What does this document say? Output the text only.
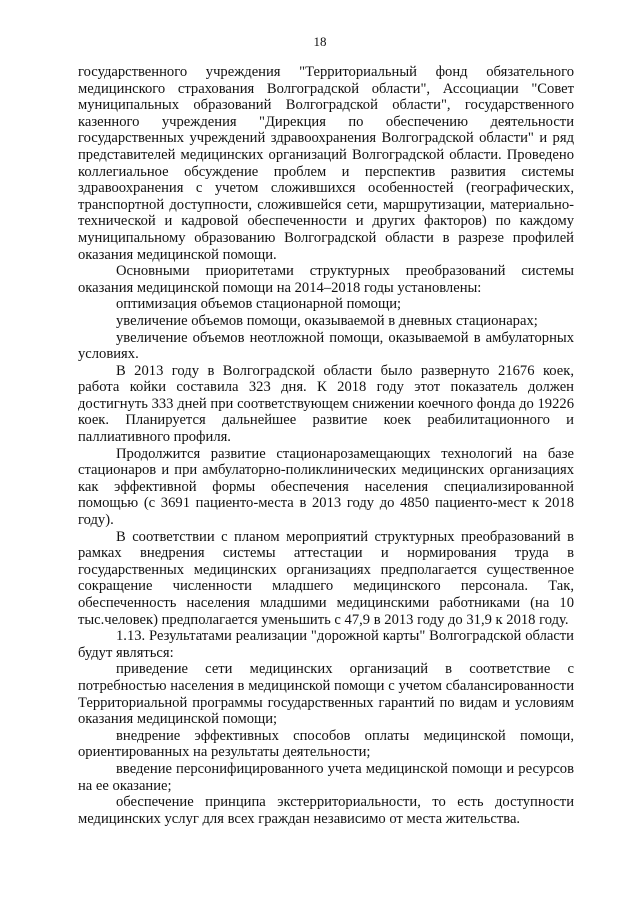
18

государственного учреждения "Территориальный фонд обязательного медицинского страхования Волгоградской области", Ассоциации "Совет муниципальных образований Волгоградской области", государственного казенного учреждения "Дирекция по обеспечению деятельности государственных учреждений здравоохранения Волгоградской области" и ряд представителей медицинских организаций Волгоградской области. Проведено коллегиальное обсуждение проблем и перспектив развития системы здравоохранения с учетом сложившихся особенностей (географических, транспортной доступности, сложившейся сети, маршрутизации, материально-технической и кадровой обеспеченности и других факторов) по каждому муниципальному образованию Волгоградской области в разрезе профилей оказания медицинской помощи.

Основными приоритетами структурных преобразований системы оказания медицинской помощи на 2014–2018 годы установлены:

оптимизация объемов стационарной помощи;

увеличение объемов помощи, оказываемой в дневных стационарах;

увеличение объемов неотложной помощи, оказываемой в амбулаторных условиях.

В 2013 году в Волгоградской области было развернуто 21676 коек, работа койки составила 323 дня. К 2018 году этот показатель должен достигнуть 333 дней при соответствующем снижении коечного фонда до 19226 коек. Планируется дальнейшее развитие коек реабилитационного и паллиативного профиля.

Продолжится развитие стационарозамещающих технологий на базе стационаров и при амбулаторно-поликлинических медицинских организациях как эффективной формы обеспечения населения специализированной помощью (с 3691 пациенто-места в 2013 году до 4850 пациенто-мест к 2018 году).

В соответствии с планом мероприятий структурных преобразований в рамках внедрения системы аттестации и нормирования труда в государственных медицинских организациях предполагается существенное сокращение численности младшего медицинского персонала. Так, обеспеченность населения младшими медицинскими работниками (на 10 тыс.человек) предполагается уменьшить с 47,9 в 2013 году до 31,9 к 2018 году.

1.13. Результатами реализации "дорожной карты" Волгоградской области будут являться:

приведение сети медицинских организаций в соответствие с потребностью населения в медицинской помощи с учетом сбалансированности Территориальной программы государственных гарантий по видам и условиям оказания медицинской помощи;

внедрение эффективных способов оплаты медицинской помощи, ориентированных на результаты деятельности;

введение персонифицированного учета медицинской помощи и ресурсов на ее оказание;

обеспечение принципа экстерриториальности, то есть доступности медицинских услуг для всех граждан независимо от места жительства.
